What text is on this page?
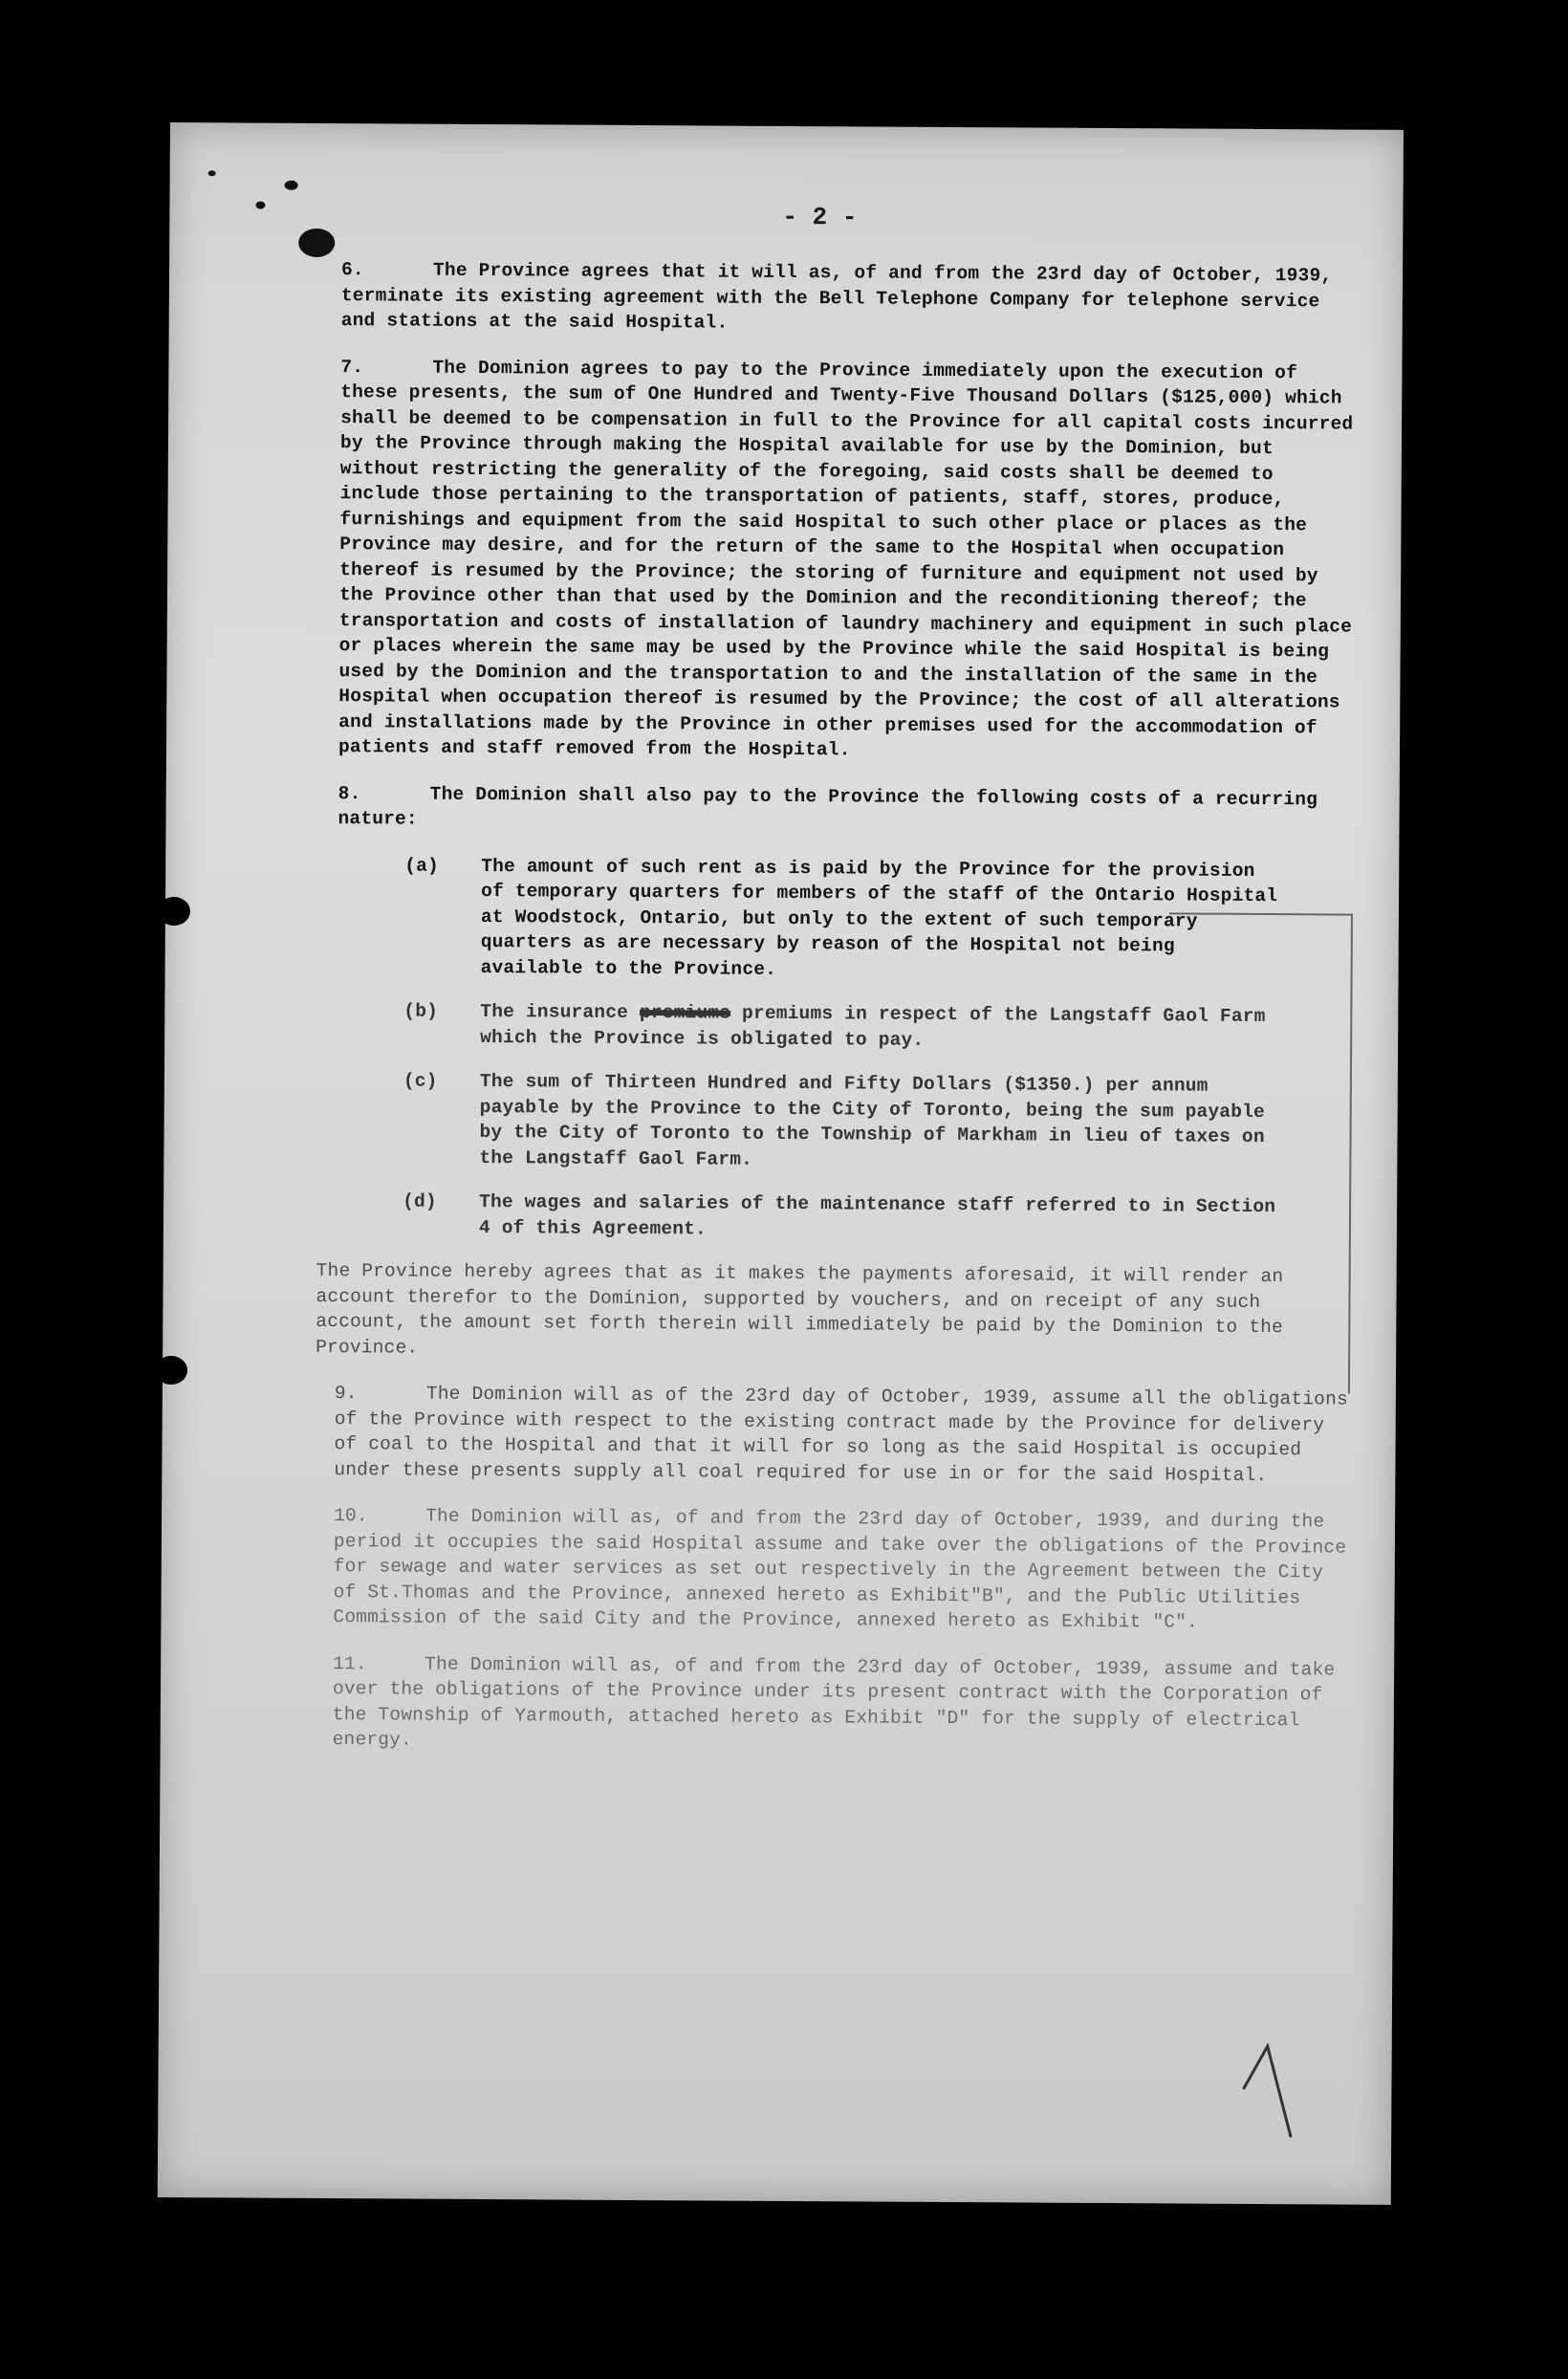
- 2 -

6.	The Province agrees that it will as, of and from the 23rd day of October, 1939, terminate its existing agreement with the Bell Telephone Company for telephone service and stations at the said Hospital.

7.	The Dominion agrees to pay to the Province immediately upon the execution of these presents, the sum of One Hundred and Twenty-Five Thousand Dollars ($125,000) which shall be deemed to be compensation in full to the Province for all capital costs incurred by the Province through making the Hospital available for use by the Dominion, but without restricting the generality of the foregoing, said costs shall be deemed to include those pertaining to the transportation of patients, staff, stores, produce, furnishings and equipment from the said Hospital to such other place or places as the Province may desire, and for the return of the same to the Hospital when occupation thereof is resumed by the Province; the storing of furniture and equipment not used by the Province other than that used by the Dominion and the reconditioning thereof; the transportation and costs of installation of laundry machinery and equipment in such place or places wherein the same may be used by the Province while the said Hospital is being used by the Dominion and the transportation to and the installation of the same in the Hospital when occupation thereof is resumed by the Province; the cost of all alterations and installations made by the Province in other premises used for the accommodation of patients and staff removed from the Hospital.

8.	The Dominion shall also pay to the Province the following costs of a recurring nature:

(a)	The amount of such rent as is paid by the Province for the provision of temporary quarters for members of the staff of the Ontario Hospital at Woodstock, Ontario, but only to the extent of such temporary quarters as are necessary by reason of the Hospital not being available to the Province.
(b)	The insurance premiums premiums in respect of the Langstaff Gaol Farm which the Province is obligated to pay.
(c)	The sum of Thirteen Hundred and Fifty Dollars ($1350.) per annum payable by the Province to the City of Toronto, being the sum payable by the City of Toronto to the Township of Markham in lieu of taxes on the Langstaff Gaol Farm.
(d)	The wages and salaries of the maintenance staff referred to in Section 4 of this Agreement.

The Province hereby agrees that as it makes the payments aforesaid, it will render an account therefor to the Dominion, supported by vouchers, and on receipt of any such account, the amount set forth therein will immediately be paid by the Dominion to the Province.

9.	The Dominion will as of the 23rd day of October, 1939, assume all the obligations of the Province with respect to the existing contract made by the Province for delivery of coal to the Hospital and that it will for so long as the said Hospital is occupied under these presents supply all coal required for use in or for the said Hospital.

10.	The Dominion will as, of and from the 23rd day of October, 1939, and during the period it occupies the said Hospital assume and take over the obligations of the Province for sewage and water services as set out respectively in the Agreement between the City of St.Thomas and the Province, annexed hereto as Exhibit"B", and the Public Utilities Commission of the said City and the Province, annexed hereto as Exhibit "C".

11.	The Dominion will as, of and from the 23rd day of October, 1939, assume and take over the obligations of the Province under its present contract with the Corporation of the Township of Yarmouth, attached hereto as Exhibit "D" for the supply of electrical energy.
